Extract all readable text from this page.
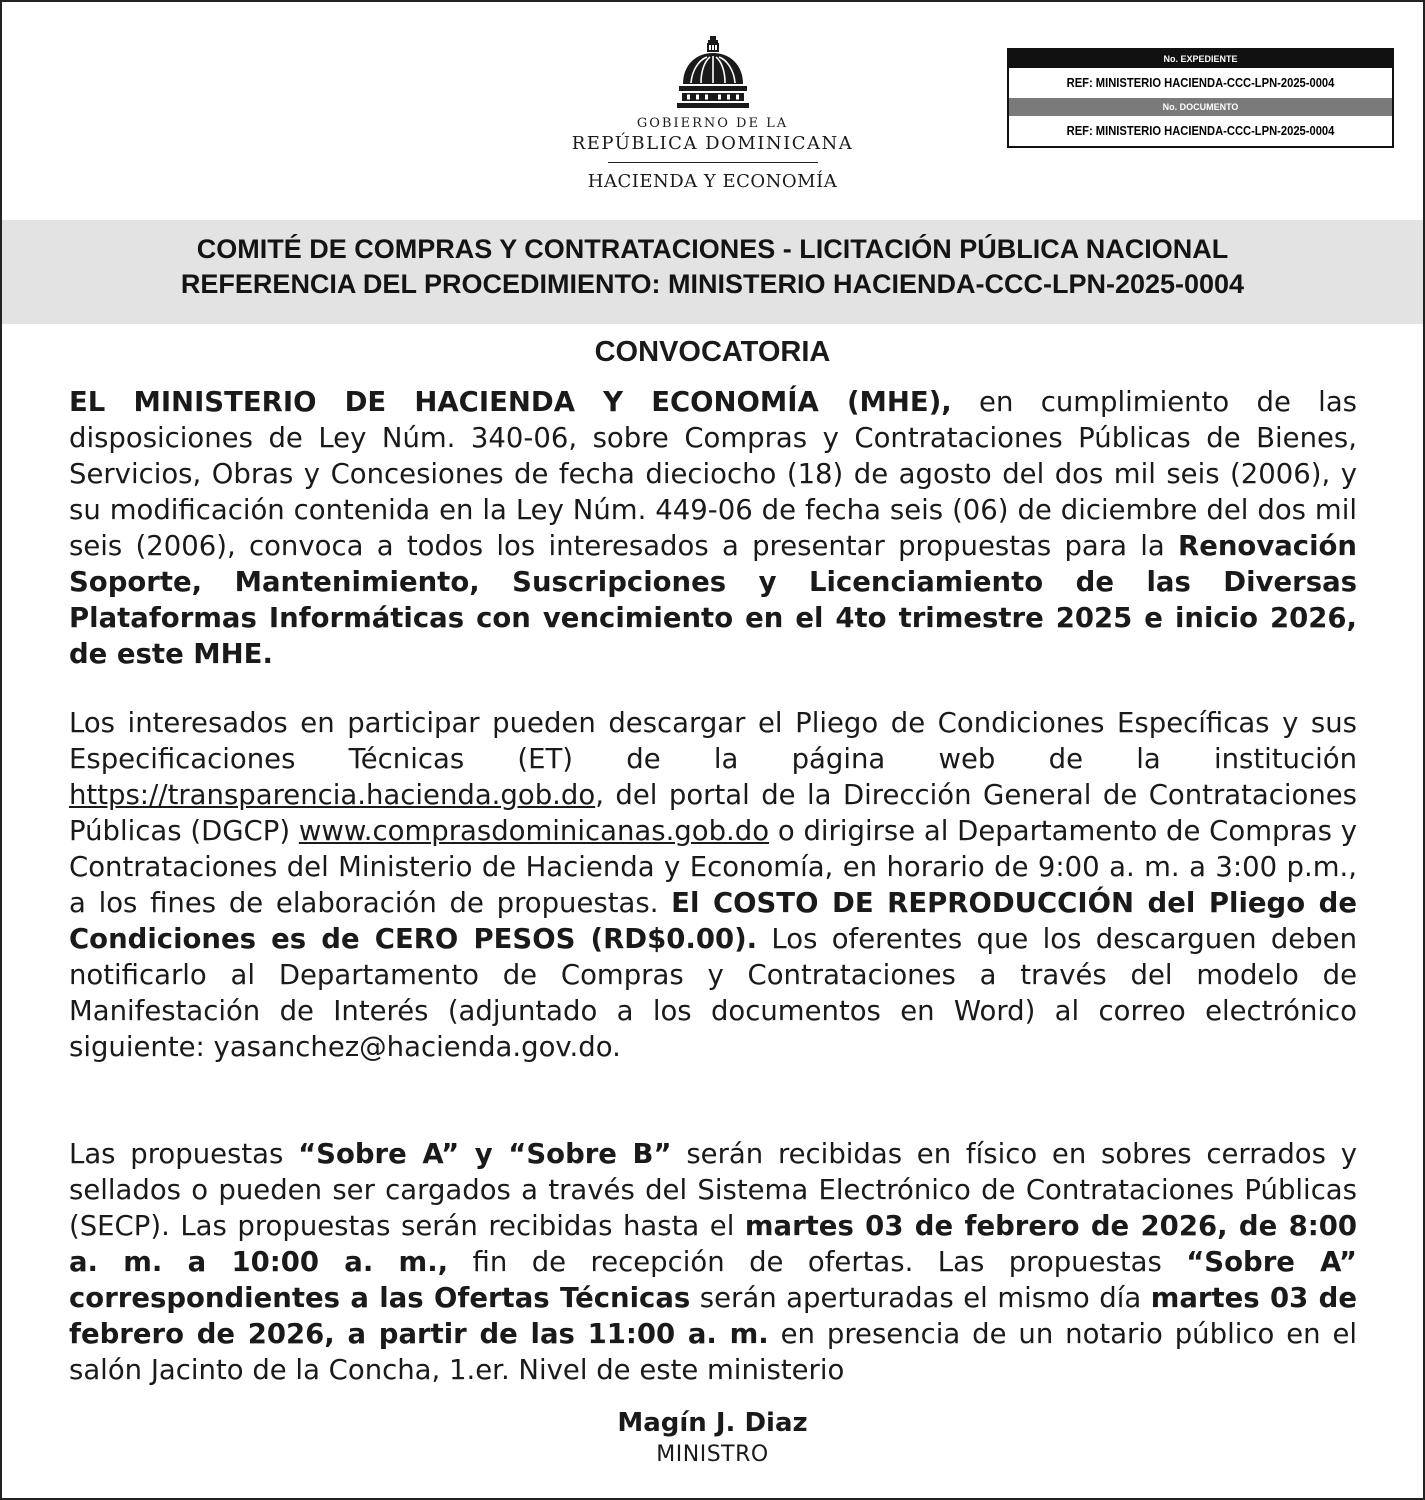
GOBIERNO DE LA
REPÚBLICA DOMINICANA
HACIENDA Y ECONOMÍA
No. EXPEDIENTE
REF: MINISTERIO HACIENDA-CCC-LPN-2025-0004
No. DOCUMENTO
REF: MINISTERIO HACIENDA-CCC-LPN-2025-0004
COMITÉ DE COMPRAS Y CONTRATACIONES - LICITACIÓN PÚBLICA NACIONAL
REFERENCIA DEL PROCEDIMIENTO: MINISTERIO HACIENDA-CCC-LPN-2025-0004
CONVOCATORIA
EL MINISTERIO DE HACIENDA Y ECONOMÍA (MHE), en cumplimiento de las disposiciones de Ley Núm. 340-06, sobre Compras y Contrataciones Públicas de Bienes, Servicios, Obras y Concesiones de fecha dieciocho (18) de agosto del dos mil seis (2006), y su modificación contenida en la Ley Núm. 449-06 de fecha seis (06) de diciembre del dos mil seis (2006), convoca a todos los interesados a presentar propuestas para la Renovación Soporte, Mantenimiento, Suscripciones y Licenciamiento de las Diversas Plataformas Informáticas con vencimiento en el 4to trimestre 2025 e inicio 2026, de este MHE.
Los interesados en participar pueden descargar el Pliego de Condiciones Específicas y sus Especificaciones Técnicas (ET) de la página web de la institución https://transparencia.hacienda.gob.do, del portal de la Dirección General de Contrataciones Públicas (DGCP) www.comprasdominicanas.gob.do o dirigirse al Departamento de Compras y Contrataciones del Ministerio de Hacienda y Economía, en horario de 9:00 a. m. a 3:00 p.m., a los fines de elaboración de propuestas. El COSTO DE REPRODUCCIÓN del Pliego de Condiciones es de CERO PESOS (RD$0.00). Los oferentes que los descarguen deben notificarlo al Departamento de Compras y Contrataciones a través del modelo de Manifestación de Interés (adjuntado a los documentos en Word) al correo electrónico siguiente: yasanchez@hacienda.gov.do.
Las propuestas “Sobre A” y “Sobre B” serán recibidas en físico en sobres cerrados y sellados o pueden ser cargados a través del Sistema Electrónico de Contrataciones Públicas (SECP). Las propuestas serán recibidas hasta el martes 03 de febrero de 2026, de 8:00 a. m. a 10:00 a. m., fin de recepción de ofertas. Las propuestas “Sobre A” correspondientes a las Ofertas Técnicas serán aperturadas el mismo día martes 03 de febrero de 2026, a partir de las 11:00 a. m. en presencia de un notario público en el salón Jacinto de la Concha, 1.er. Nivel de este ministerio
Magín J. Diaz
MINISTRO
